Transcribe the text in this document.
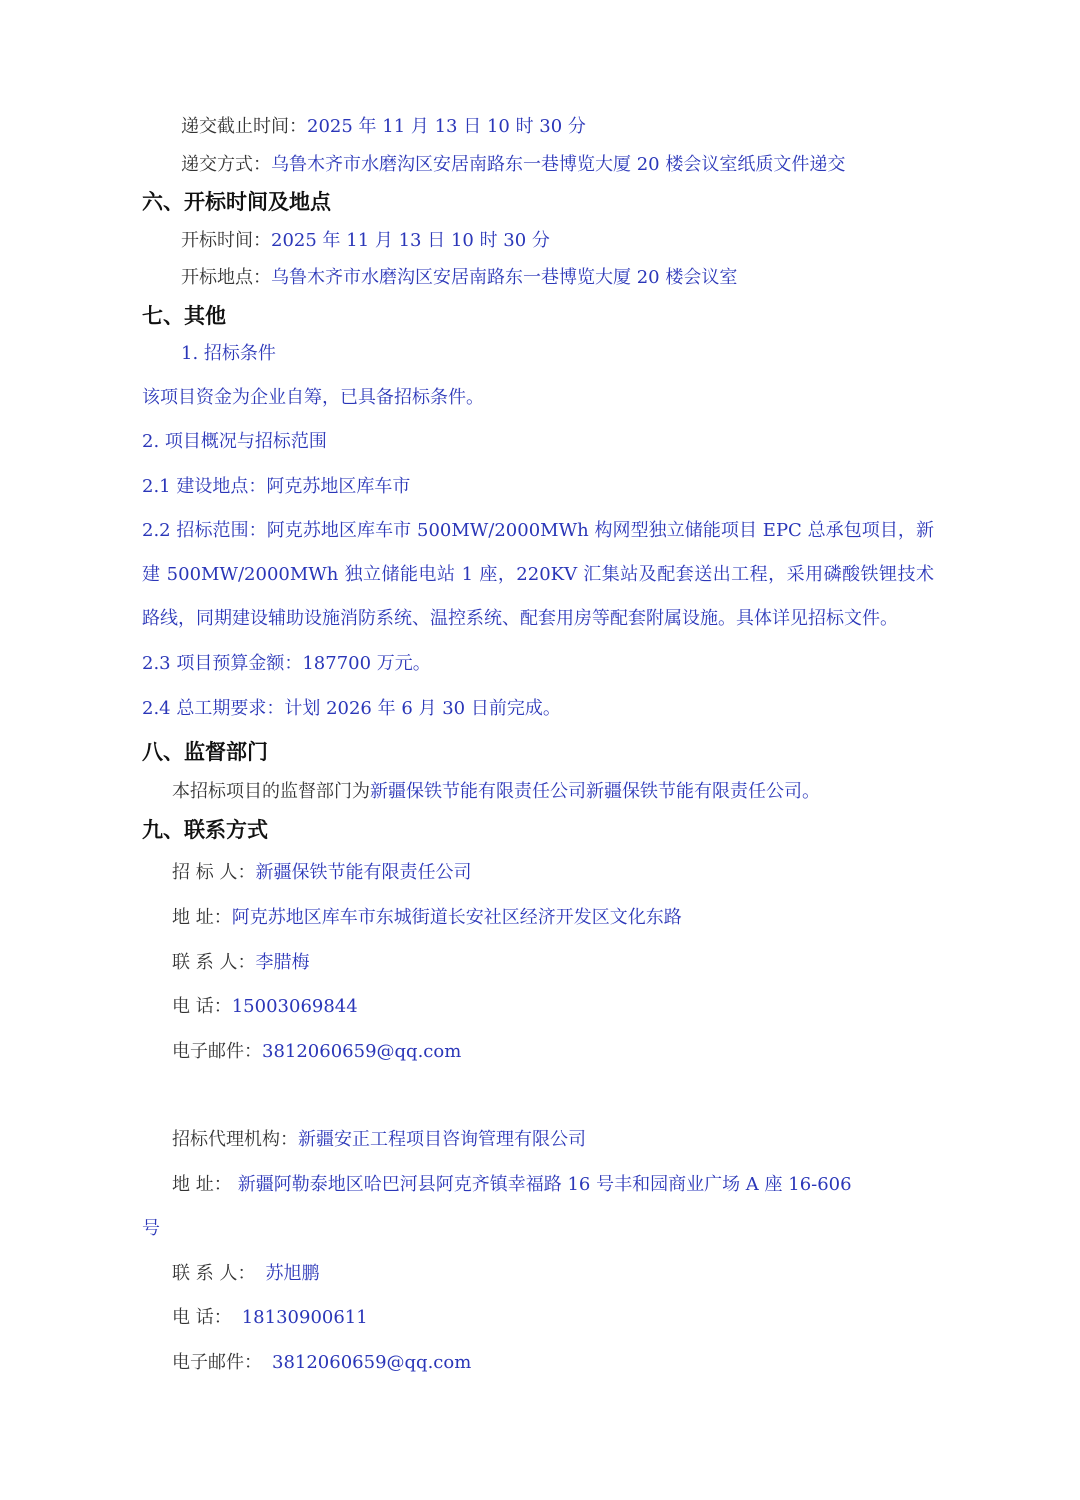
递交截止时间：2025 年 11 月 13 日 10 时 30 分
递交方式：乌鲁木齐市水磨沟区安居南路东一巷博览大厦 20 楼会议室纸质文件递交
六、开标时间及地点
开标时间：2025 年 11 月 13 日 10 时 30 分
开标地点：乌鲁木齐市水磨沟区安居南路东一巷博览大厦 20 楼会议室
七、其他
1. 招标条件
该项目资金为企业自筹，已具备招标条件。
2. 项目概况与招标范围
2.1 建设地点：阿克苏地区库车市
2.2 招标范围：阿克苏地区库车市 500MW/2000MWh 构网型独立储能项目 EPC 总承包项目，新建 500MW/2000MWh 独立储能电站 1 座，220KV 汇集站及配套送出工程，采用磷酸铁锂技术路线，同期建设辅助设施消防系统、温控系统、配套用房等配套附属设施。具体详见招标文件。
2.3 项目预算金额：187700 万元。
2.4 总工期要求：计划 2026 年 6 月 30 日前完成。
八、监督部门
本招标项目的监督部门为新疆保铁节能有限责任公司新疆保铁节能有限责任公司。
九、联系方式
招 标 人：新疆保铁节能有限责任公司
地 址：阿克苏地区库车市东城街道长安社区经济开发区文化东路
联 系 人：李腊梅
电 话：15003069844
电子邮件：3812060659@qq.com
招标代理机构：新疆安正工程项目咨询管理有限公司
地 址： 新疆阿勒泰地区哈巴河县阿克齐镇幸福路 16 号丰和园商业广场 A 座 16-606
号
联 系 人： 苏旭鹏
电 话： 18130900611
电子邮件： 3812060659@qq.com
